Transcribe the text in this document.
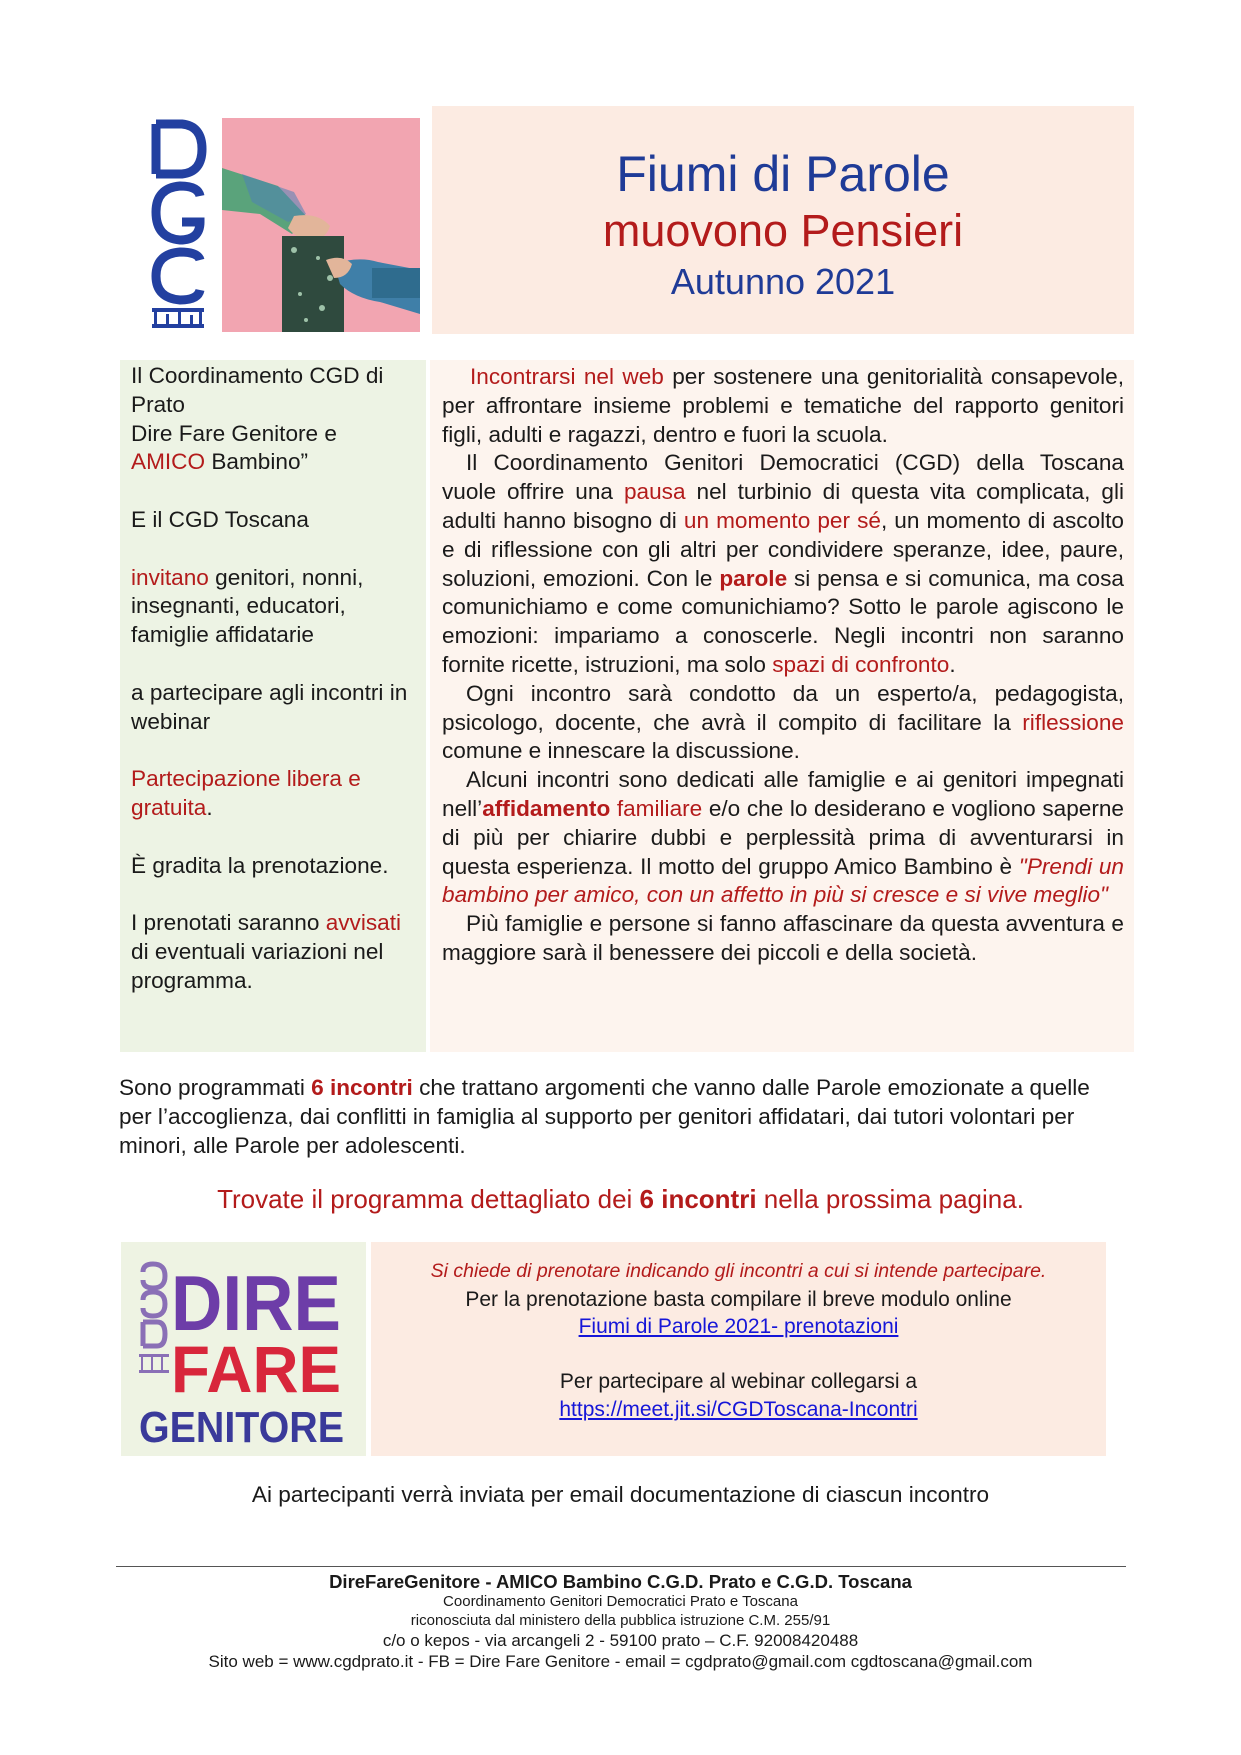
CGD
Fiumi di Parole
muovono Pensieri
Autunno 2021

Il Coordinamento CGD di Prato

Dire Fare Genitore e
AMICO Bambino”

E il CGD Toscana

invitano genitori, nonni, insegnanti, educatori, famiglie affidatarie

a partecipare agli incontri in webinar

Partecipazione libera e gratuita.

È gradita la prenotazione.

I prenotati saranno avvisati di eventuali variazioni nel programma.

Incontrarsi nel web per sostenere una genitorialità consapevole, per affrontare insieme problemi e tematiche del rapporto genitori figli, adulti e ragazzi, dentro e fuori la scuola.

Il Coordinamento Genitori Democratici (CGD) della Toscana vuole offrire una pausa nel turbinio di questa vita complicata, gli adulti hanno bisogno di un momento per sé, un momento di ascolto e di riflessione con gli altri per condividere speranze, idee, paure, soluzioni, emozioni. Con le parole si pensa e si comunica, ma cosa comunichiamo e come comunichiamo? Sotto le parole agiscono le emozioni: impariamo a conoscerle. Negli incontri non saranno fornite ricette, istruzioni, ma solo spazi di confronto.

Ogni incontro sarà condotto da un esperto/a, pedagogista, psicologo, docente, che avrà il compito di facilitare la riflessione comune e innescare la discussione.

Alcuni incontri sono dedicati alle famiglie e ai genitori impegnati nell’affidamento familiare e/o che lo desiderano e vogliono saperne di più per chiarire dubbi e perplessità prima di avventurarsi in questa esperienza. Il motto del gruppo Amico Bambino è "Prendi un bambino per amico, con un affetto in più si cresce e si vive meglio"

Più famiglie e persone si fanno affascinare da questa avventura e maggiore sarà il benessere dei piccoli e della società.

Sono programmati 6 incontri che trattano argomenti che vanno dalle Parole emozionate a quelle per l’accoglienza, dai conflitti in famiglia al supporto per genitori affidatari, dai tutori volontari per minori, alle Parole per adolescenti.
Trovate il programma dettagliato dei 6 incontri nella prossima pagina.
DIRE
FARE
GENITORE
Si chiede di prenotare indicando gli incontri a cui si intende partecipare.
Per la prenotazione basta compilare il breve modulo online
Fiumi di Parole 2021- prenotazioni
Per partecipare al webinar collegarsi a
https://meet.jit.si/CGDToscana-Incontri
Ai partecipanti verrà inviata per email documentazione di ciascun incontro
DireFareGenitore - AMICO Bambino C.G.D. Prato e C.G.D. Toscana
Coordinamento Genitori Democratici Prato e Toscana
riconosciuta dal ministero della pubblica istruzione C.M. 255/91
c/o o kepos - via arcangeli 2 - 59100 prato – C.F. 92008420488
Sito web = www.cgdprato.it - FB = Dire Fare Genitore - email = cgdprato@gmail.com cgdtoscana@gmail.com
